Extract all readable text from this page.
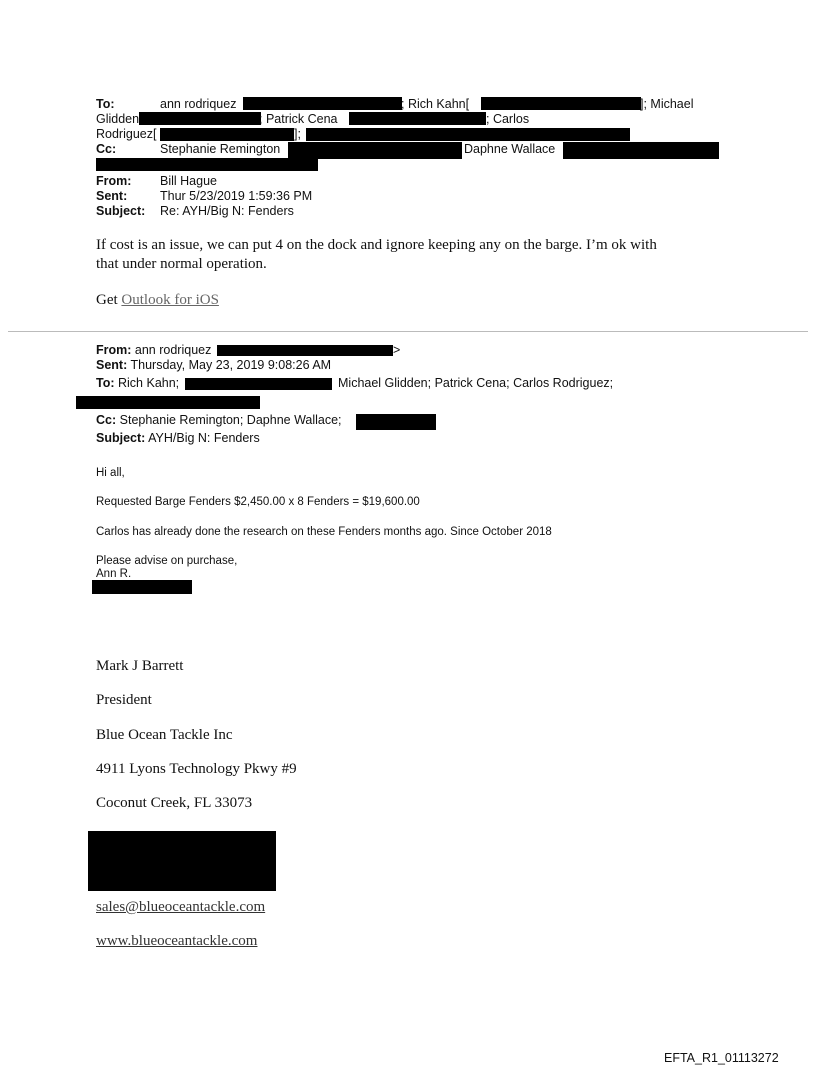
To:	ann rodriquez	; Rich Kahn[	]; Michael
Glidden	; Patrick Cena	; Carlos
Rodriguez[	];
Cc:	Stephanie Remington	Daphne Wallace
From: Bill Hague
Sent:	Thur 5/23/2019 1:59:36 PM
Subject: Re: AYH/Big N: Fenders
If cost is an issue, we can put 4 on the dock and ignore keeping any on the barge. I’m ok with
that under normal operation.
Get Outlook for iOS
From: ann rodriquez	>
Sent: Thursday, May 23, 2019 9:08:26 AM
To: Rich Kahn;	Michael Glidden; Patrick Cena; Carlos Rodriguez;
Cc: Stephanie Remington; Daphne Wallace;
Subject: AYH/Big N: Fenders
Hi all,
Requested Barge Fenders $2,450.00 x 8 Fenders = $19,600.00
Carlos has already done the research on these Fenders months ago. Since October 2018
Please advise on purchase,
Ann R.
Mark J Barrett
President
Blue Ocean Tackle Inc
4911 Lyons Technology Pkwy #9
Coconut Creek, FL 33073
sales@blueoceantackle.com
www.blueoceantackle.com
EFTA_R1_01113272
